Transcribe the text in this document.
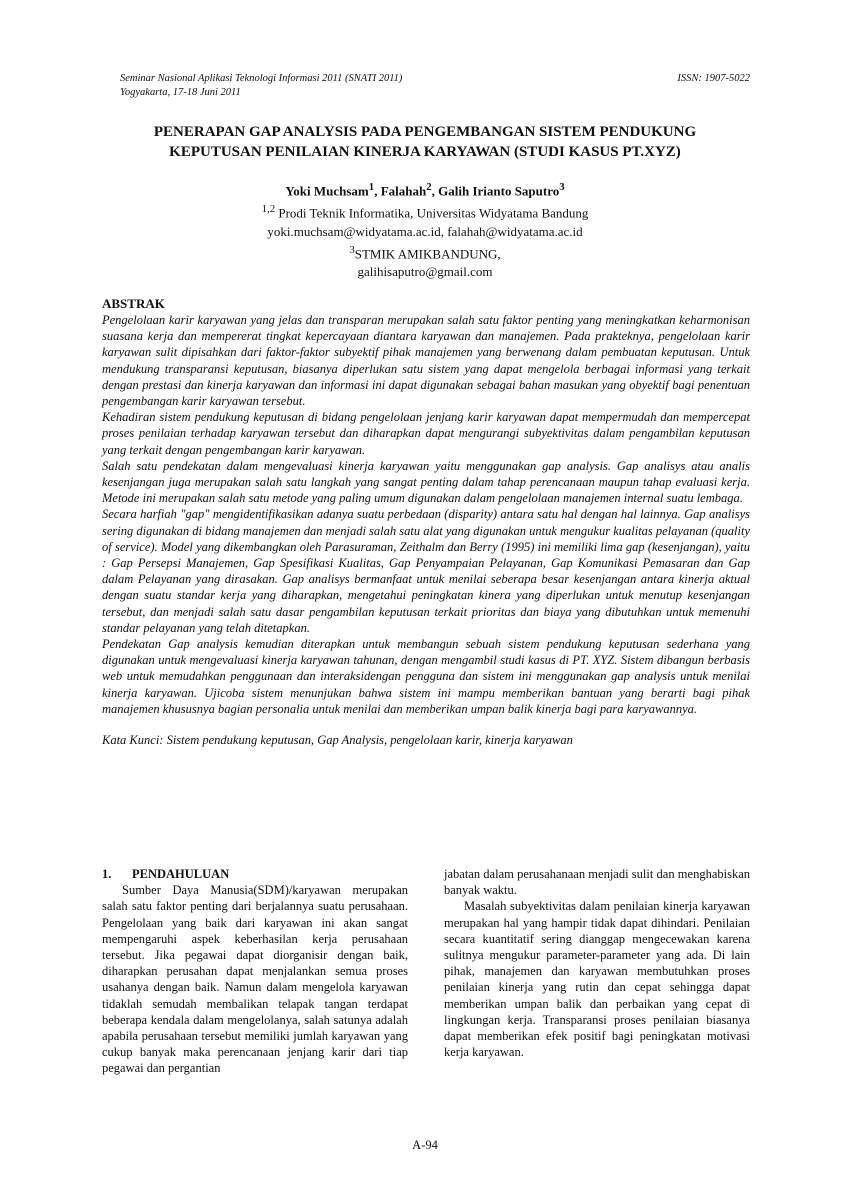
Seminar Nasional Aplikasi Teknologi Informasi 2011 (SNATI 2011)
Yogyakarta, 17-18 Juni 2011
ISSN: 1907-5022
PENERAPAN GAP ANALYSIS PADA PENGEMBANGAN SISTEM PENDUKUNG
KEPUTUSAN PENILAIAN KINERJA KARYAWAN (STUDI KASUS PT.XYZ)
Yoki Muchsam$^1$, Falahah$^2$, Galih Irianto Saputro$^3$
$^{1,2}$ Prodi Teknik Informatika, Universitas Widyatama Bandung
yoki.muchsam@widyatama.ac.id, falahah@widyatama.ac.id
$^3$STMIK AMIKBANDUNG,
galihisaputro@gmail.com
ABSTRAK

Pengelolaan karir karyawan yang jelas dan transparan merupakan salah satu faktor penting yang meningkatkan keharmonisan suasana kerja dan mempererat tingkat kepercayaan diantara karyawan dan manajemen. Pada prakteknya, pengelolaan karir karyawan sulit dipisahkan dari faktor-faktor subyektif pihak manajemen yang berwenang dalam pembuatan keputusan. Untuk mendukung transparansi keputusan, biasanya diperlukan satu sistem yang dapat mengelola berbagai informasi yang terkait dengan prestasi dan kinerja karyawan dan informasi ini dapat digunakan sebagai bahan masukan yang obyektif bagi penentuan pengembangan karir karyawan tersebut.

Kehadiran sistem pendukung keputusan di bidang pengelolaan jenjang karir karyawan dapat mempermudah dan mempercepat proses penilaian terhadap karyawan tersebut dan diharapkan dapat mengurangi subyektivitas dalam pengambilan keputusan yang terkait dengan pengembangan karir karyawan.

Salah satu pendekatan dalam mengevaluasi kinerja karyawan yaitu menggunakan gap analysis. Gap analisys atau analis kesenjangan juga merupakan salah satu langkah yang sangat penting dalam tahap perencanaan maupun tahap evaluasi kerja. Metode ini merupakan salah satu metode yang paling umum digunakan dalam pengelolaan manajemen internal suatu lembaga.

Secara harfiah "gap" mengidentifikasikan adanya suatu perbedaan (disparity) antara satu hal dengan hal lainnya. Gap analisys sering digunakan di bidang manajemen dan menjadi salah satu alat yang digunakan untuk mengukur kualitas pelayanan (quality of service). Model yang dikembangkan oleh Parasuraman, Zeithalm dan Berry (1995) ini memiliki lima gap (kesenjangan), yaitu : Gap Persepsi Manajemen, Gap Spesifikasi Kualitas, Gap Penyampaian Pelayanan, Gap Komunikasi Pemasaran dan Gap dalam Pelayanan yang dirasakan. Gap analisys bermanfaat untuk menilai seberapa besar kesenjangan antara kinerja aktual dengan suatu standar kerja yang diharapkan, mengetahui peningkatan kinera yang diperlukan untuk menutup kesenjangan tersebut, dan menjadi salah satu dasar pengambilan keputusan terkait prioritas dan biaya yang dibutuhkan untuk memenuhi standar pelayanan yang telah ditetapkan.

Pendekatan Gap analysis kemudian diterapkan untuk membangun sebuah sistem pendukung keputusan sederhana yang digunakan untuk mengevaluasi kinerja karyawan tahunan, dengan mengambil studi kasus di PT. XYZ. Sistem dibangun berbasis web untuk memudahkan penggunaan dan interaksidengan pengguna dan sistem ini menggunakan gap analysis untuk menilai kinerja karyawan. Ujicoba sistem menunjukan bahwa sistem ini mampu memberikan bantuan yang berarti bagi pihak manajemen khususnya bagian personalia untuk menilai dan memberikan umpan balik kinerja bagi para karyawannya.

Kata Kunci: Sistem pendukung keputusan, Gap Analysis, pengelolaan karir, kinerja karyawan

1. PENDAHULUAN

Sumber Daya Manusia(SDM)/karyawan merupakan salah satu faktor penting dari berjalannya suatu perusahaan. Pengelolaan yang baik dari karyawan ini akan sangat mempengaruhi aspek keberhasilan kerja perusahaan tersebut. Jika pegawai dapat diorganisir dengan baik, diharapkan perusahan dapat menjalankan semua proses usahanya dengan baik. Namun dalam mengelola karyawan tidaklah semudah membalikan telapak tangan terdapat beberapa kendala dalam mengelolanya, salah satunya adalah apabila perusahaan tersebut memiliki jumlah karyawan yang cukup banyak maka perencanaan jenjang karir dari tiap pegawai dan pergantian

jabatan dalam perusahanaan menjadi sulit dan menghabiskan banyak waktu.

Masalah subyektivitas dalam penilaian kinerja karyawan merupakan hal yang hampir tidak dapat dihindari. Penilaian secara kuantitatif sering dianggap mengecewakan karena sulitnya mengukur parameter-parameter yang ada. Di lain pihak, manajemen dan karyawan membutuhkan proses penilaian kinerja yang rutin dan cepat sehingga dapat memberikan umpan balik dan perbaikan yang cepat di lingkungan kerja. Transparansi proses penilaian biasanya dapat memberikan efek positif bagi peningkatan motivasi kerja karyawan.

A-94
